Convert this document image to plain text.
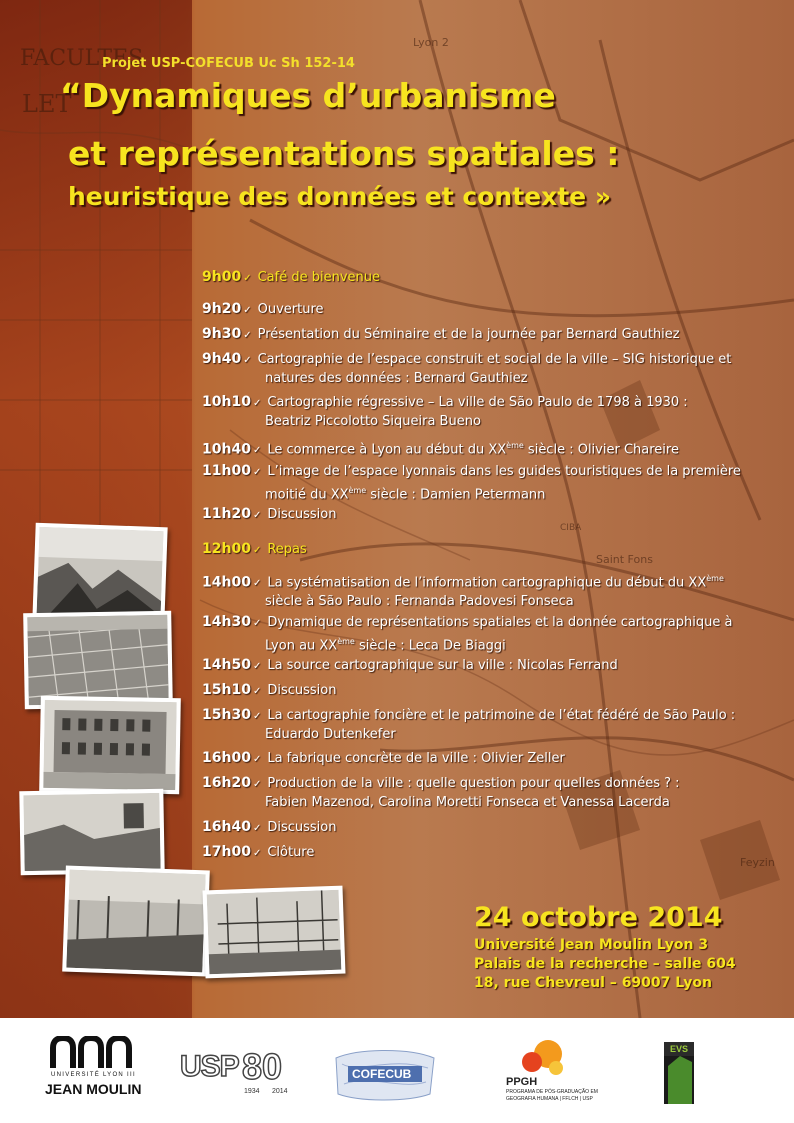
FACULTES
LET
Lyon 2
Saint Fons
CIBA
Feyzin
Projet USP-COFECUB Uc Sh 152-14
“Dynamiques d’urbanisme
et représentations spatiales :
heuristique des données et contexte »
9h00 ✓ Café de bienvenue
9h20 ✓ Ouverture
9h30 ✓ Présentation du Séminaire et de la journée par Bernard Gauthiez
9h40 ✓ Cartographie de l’espace construit et social de la ville – SIG historique et
natures des données : Bernard Gauthiez
10h10 ✓ Cartographie régressive – La ville de São Paulo de 1798 à 1930 :
Beatriz Piccolotto Siqueira Bueno
10h40 ✓ Le commerce à Lyon au début du XXème siècle : Olivier Chareire
11h00 ✓ L’image de l’espace lyonnais dans les guides touristiques de la première
moitié du XXème siècle : Damien Petermann
11h20 ✓ Discussion
12h00 ✓ Repas
14h00 ✓ La systématisation de l’information cartographique du début du XXème
siècle à São Paulo : Fernanda Padovesi Fonseca
14h30 ✓ Dynamique de représentations spatiales et la donnée cartographique à
Lyon au XXème siècle : Leca De Biaggi
14h50 ✓ La source cartographique sur la ville : Nicolas Ferrand
15h10 ✓ Discussion
15h30 ✓ La cartographie foncière et le patrimoine de l’état fédéré de São Paulo :
Eduardo Dutenkefer
16h00 ✓ La fabrique concrète de la ville : Olivier Zeller
16h20 ✓ Production de la ville : quelle question pour quelles données ? :
Fabien Mazenod, Carolina Moretti Fonseca et Vanessa Lacerda
16h40 ✓ Discussion
17h00 ✓ Clôture
24 octobre 2014
Université Jean Moulin Lyon 3
Palais de la recherche – salle 604
18, rue Chevreul – 69007 Lyon
UNIVERSITÉ LYON III
JEAN MOULIN
USP 80
1934 2014
COFECUB
PPGH
PROGRAMA DE PÓS-GRADUAÇÃO EM
GEOGRAFIA HUMANA | FFLCH | USP
EVS
